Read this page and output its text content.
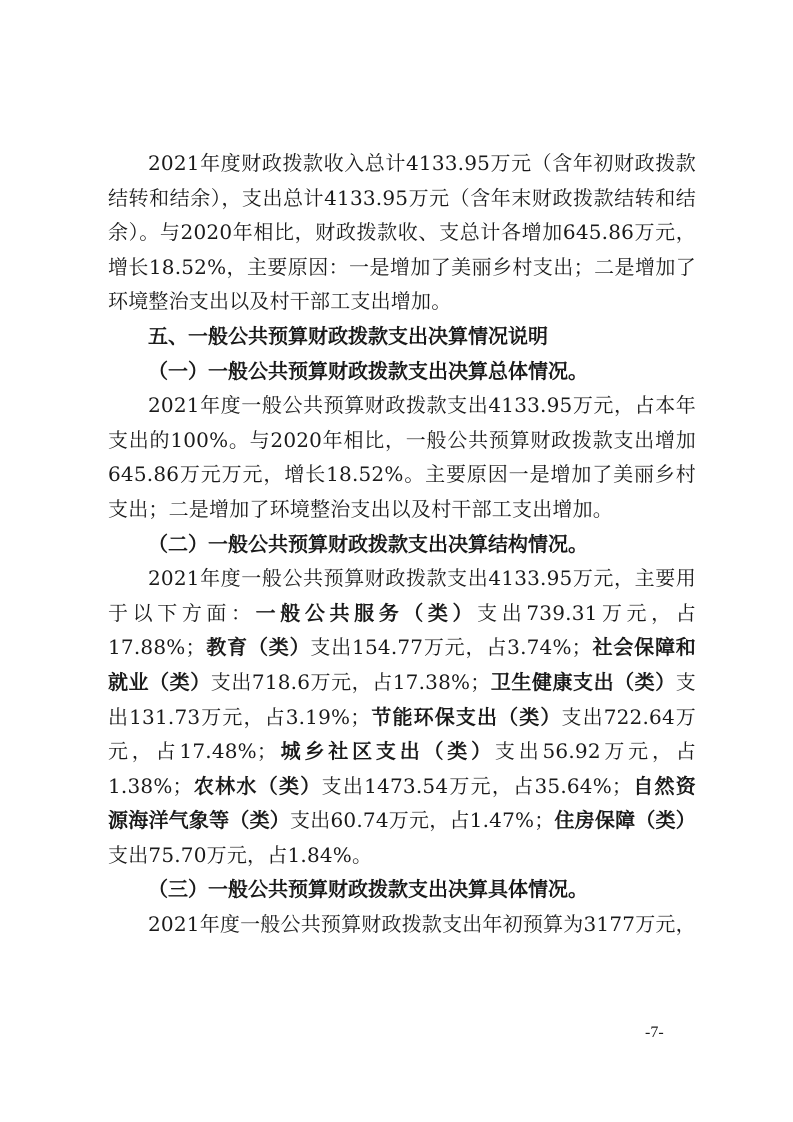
2021年度财政拨款收入总计4133.95万元（含年初财政拨款结转和结余），支出总计4133.95万元（含年末财政拨款结转和结余）。与2020年相比，财政拨款收、支总计各增加645.86万元，增长18.52%，主要原因：一是增加了美丽乡村支出；二是增加了环境整治支出以及村干部工支出增加。

五、一般公共预算财政拨款支出决算情况说明

（一）一般公共预算财政拨款支出决算总体情况。

2021年度一般公共预算财政拨款支出4133.95万元，占本年支出的100%。与2020年相比，一般公共预算财政拨款支出增加645.86万元万元，增长18.52%。主要原因一是增加了美丽乡村支出；二是增加了环境整治支出以及村干部工支出增加。

（二）一般公共预算财政拨款支出决算结构情况。

2021年度一般公共预算财政拨款支出4133.95万元，主要用于以下方面：一般公共服务（类）支出739.31万元，占17.88%；教育（类）支出154.77万元，占3.74%；社会保障和就业（类）支出718.6万元，占17.38%；卫生健康支出（类）支出131.73万元，占3.19%；节能环保支出（类）支出722.64万元，占17.48%；城乡社区支出（类）支出56.92万元，占1.38%；农林水（类）支出1473.54万元，占35.64%；自然资源海洋气象等（类）支出60.74万元，占1.47%；住房保障（类）支出75.70万元，占1.84%。

（三）一般公共预算财政拨款支出决算具体情况。

2021年度一般公共预算财政拨款支出年初预算为3177万元，

-7-
